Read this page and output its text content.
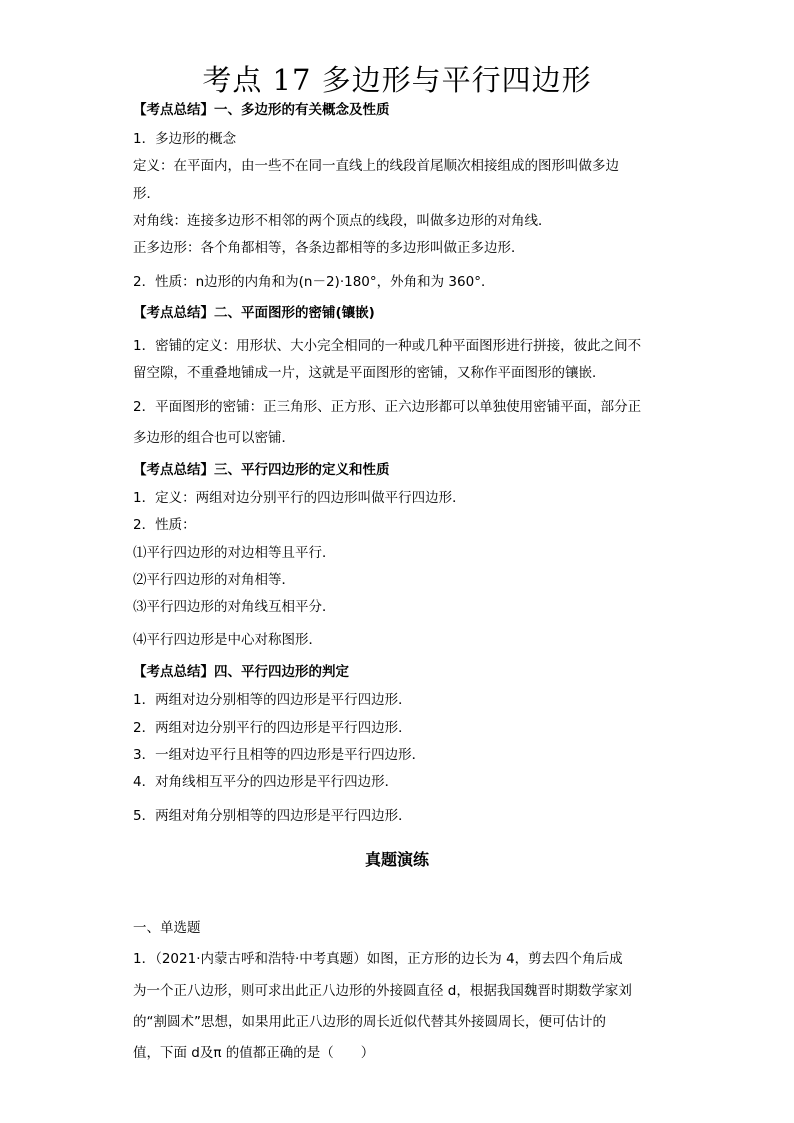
考点 17 多边形与平行四边形

【考点总结】一、多边形的有关概念及性质

1．多边形的概念

定义：在平面内，由一些不在同一直线上的线段首尾顺次相接组成的图形叫做多边

形．

对角线：连接多边形不相邻的两个顶点的线段，叫做多边形的对角线．

正多边形：各个角都相等，各条边都相等的多边形叫做正多边形．

2．性质：n边形的内角和为(n－2)·180°，外角和为 360°．

【考点总结】二、平面图形的密铺(镶嵌)

1．密铺的定义：用形状、大小完全相同的一种或几种平面图形进行拼接，彼此之间不

留空隙，不重叠地铺成一片，这就是平面图形的密铺，又称作平面图形的镶嵌．

2．平面图形的密铺：正三角形、正方形、正六边形都可以单独使用密铺平面，部分正

多边形的组合也可以密铺．

【考点总结】三、平行四边形的定义和性质

1．定义：两组对边分别平行的四边形叫做平行四边形．

2．性质：

⑴平行四边形的对边相等且平行．

⑵平行四边形的对角相等．

⑶平行四边形的对角线互相平分．

⑷平行四边形是中心对称图形．

【考点总结】四、平行四边形的判定

1．两组对边分别相等的四边形是平行四边形．

2．两组对边分别平行的四边形是平行四边形．

3．一组对边平行且相等的四边形是平行四边形．

4．对角线相互平分的四边形是平行四边形．

5．两组对角分别相等的四边形是平行四边形．

真题演练

一、单选题

1．（2021·内蒙古呼和浩特·中考真题）如图，正方形的边长为 4，剪去四个角后成

为一个正八边形，则可求出此正八边形的外接圆直径 d，根据我国魏晋时期数学家刘

的“割圆术”思想，如果用此正八边形的周长近似代替其外接圆周长，便可估计的

值，下面 d及π 的值都正确的是（　　）
